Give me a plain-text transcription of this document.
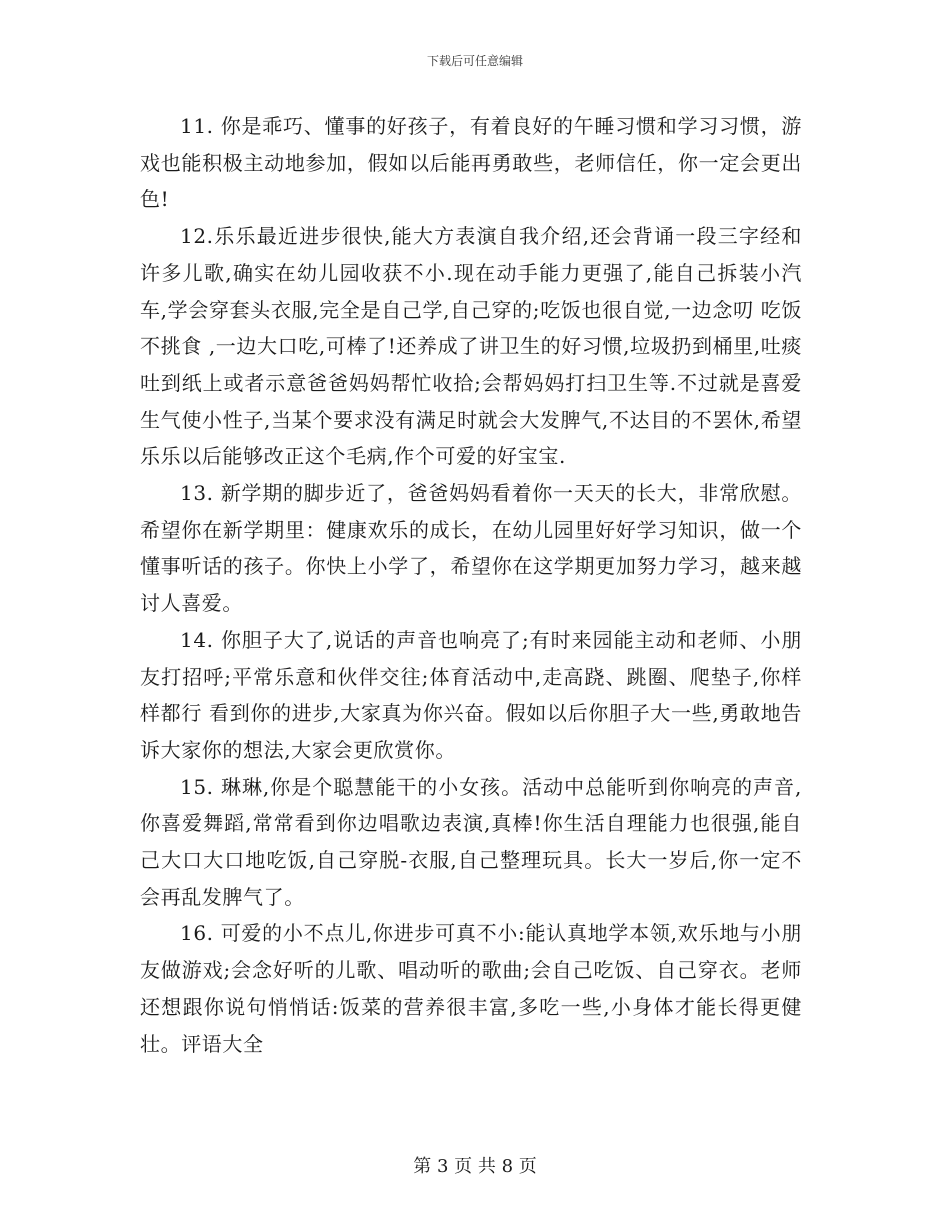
下载后可任意编辑

11. 你是乖巧、懂事的好孩子，有着良好的午睡习惯和学习习惯，游戏也能积极主动地参加，假如以后能再勇敢些，老师信任，你一定会更出色!

12.乐乐最近进步很快,能大方表演自我介绍,还会背诵一段三字经和许多儿歌,确实在幼儿园收获不小.现在动手能力更强了,能自己拆装小汽车,学会穿套头衣服,完全是自己学,自己穿的;吃饭也很自觉,一边念叨 吃饭不挑食 ,一边大口吃,可棒了!还养成了讲卫生的好习惯,垃圾扔到桶里,吐痰吐到纸上或者示意爸爸妈妈帮忙收拾;会帮妈妈打扫卫生等.不过就是喜爱生气使小性子,当某个要求没有满足时就会大发脾气,不达目的不罢休,希望乐乐以后能够改正这个毛病,作个可爱的好宝宝.

13. 新学期的脚步近了，爸爸妈妈看着你一天天的长大，非常欣慰。希望你在新学期里：健康欢乐的成长，在幼儿园里好好学习知识，做一个懂事听话的孩子。你快上小学了，希望你在这学期更加努力学习，越来越讨人喜爱。

14. 你胆子大了,说话的声音也响亮了;有时来园能主动和老师、小朋友打招呼;平常乐意和伙伴交往;体育活动中,走高跷、跳圈、爬垫子,你样样都行 看到你的进步,大家真为你兴奋。假如以后你胆子大一些,勇敢地告诉大家你的想法,大家会更欣赏你。

15. 琳琳,你是个聪慧能干的小女孩。活动中总能听到你响亮的声音,你喜爱舞蹈,常常看到你边唱歌边表演,真棒!你生活自理能力也很强,能自己大口大口地吃饭,自己穿脱-衣服,自己整理玩具。长大一岁后,你一定不会再乱发脾气了。

16. 可爱的小不点儿,你进步可真不小:能认真地学本领,欢乐地与小朋友做游戏;会念好听的儿歌、唱动听的歌曲;会自己吃饭、自己穿衣。老师还想跟你说句悄悄话:饭菜的营养很丰富,多吃一些,小身体才能长得更健壮。评语大全

第 3 页 共 8 页
